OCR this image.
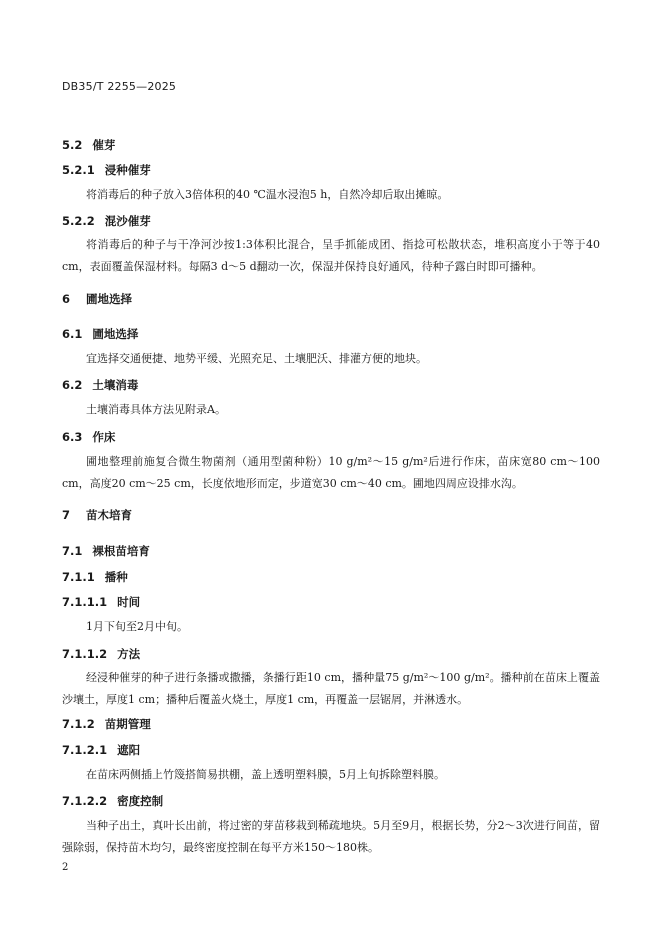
DB35/T 2255—2025
5.2 催芽
5.2.1 浸种催芽
将消毒后的种子放入3倍体积的40 ℃温水浸泡5 h，自然冷却后取出摊晾。
5.2.2 混沙催芽
将消毒后的种子与干净河沙按1:3体积比混合，呈手抓能成团、指捻可松散状态，堆积高度小于等于40 cm，表面覆盖保湿材料。每隔3 d～5 d翻动一次，保湿并保持良好通风，待种子露白时即可播种。
6 圃地选择
6.1 圃地选择
宜选择交通便捷、地势平缓、光照充足、土壤肥沃、排灌方便的地块。
6.2 土壤消毒
土壤消毒具体方法见附录A。
6.3 作床
圃地整理前施复合微生物菌剂（通用型菌种粉）10 g/m²～15 g/m²后进行作床，苗床宽80 cm～100 cm，高度20 cm～25 cm，长度依地形而定，步道宽30 cm～40 cm。圃地四周应设排水沟。
7 苗木培育
7.1 裸根苗培育
7.1.1 播种
7.1.1.1 时间
1月下旬至2月中旬。
7.1.1.2 方法
经浸种催芽的种子进行条播或撒播，条播行距10 cm，播种量75 g/m²～100 g/m²。播种前在苗床上覆盖沙壤土，厚度1 cm；播种后覆盖火烧土，厚度1 cm，再覆盖一层锯屑，并淋透水。
7.1.2 苗期管理
7.1.2.1 遮阳
在苗床两侧插上竹篾搭简易拱棚，盖上透明塑料膜，5月上旬拆除塑料膜。
7.1.2.2 密度控制
当种子出土，真叶长出前，将过密的芽苗移栽到稀疏地块。5月至9月，根据长势，分2～3次进行间苗，留强除弱，保持苗木均匀，最终密度控制在每平方米150～180株。
2
